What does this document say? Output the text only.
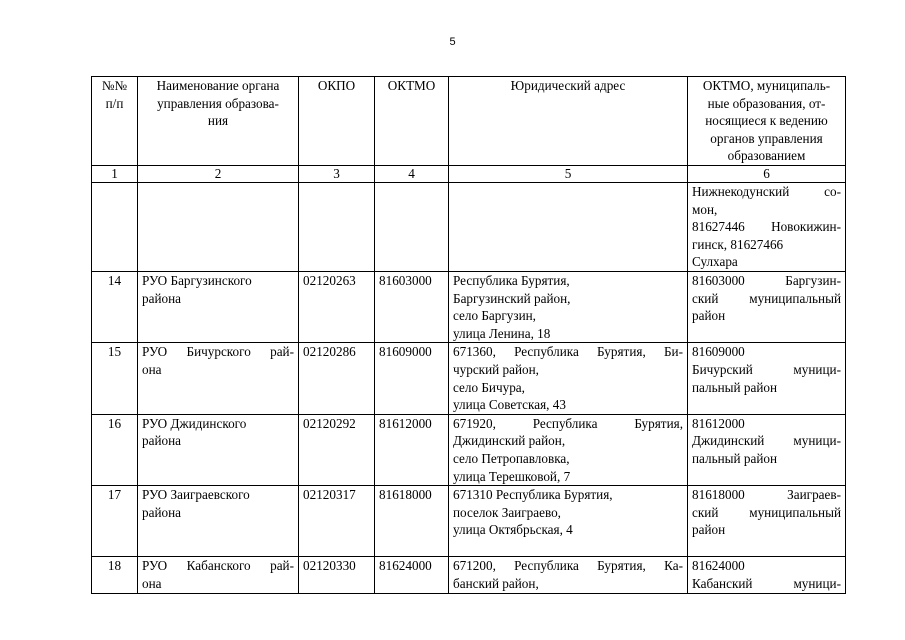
5
№№
п/п	Наименование органа
управления образова-
ния	ОКПО	ОКТМО	Юридический адрес	ОКТМО, муниципаль-
ные образования, от-
носящиеся к ведению
органов управления
образованием

1	2	3	4	5	6

					Нижнекодунский со-
мон,
81627446 Новокижин-
гинск, 81627466
Сулхара

14	РУО Баргузинского
района	02120263	81603000	Республика Бурятия,
Баргузинский район,
село Баргузин,
улица Ленина, 18	81603000 Баргузин-
ский муниципальный
район

15	РУО Бичурского рай-
она	02120286	81609000	671360, Республика Бурятия, Би-
чурский район,
село Бичура,
улица Советская, 43	81609000
Бичурский муници-
пальный район

16	РУО Джидинского
района	02120292	81612000	671920, Республика Бурятия,
Джидинский район,
село Петропавловка,
улица Терешковой, 7	81612000
Джидинский муници-
пальный район

17	РУО Заиграевского
района	02120317	81618000	671310 Республика Бурятия,
поселок Заиграево,
улица Октябрьская, 4	81618000 Заиграев-
ский муниципальный
район

18	РУО Кабанского рай-
она	02120330	81624000	671200, Республика Бурятия, Ка-
банский район,	81624000
Кабанский муници-
